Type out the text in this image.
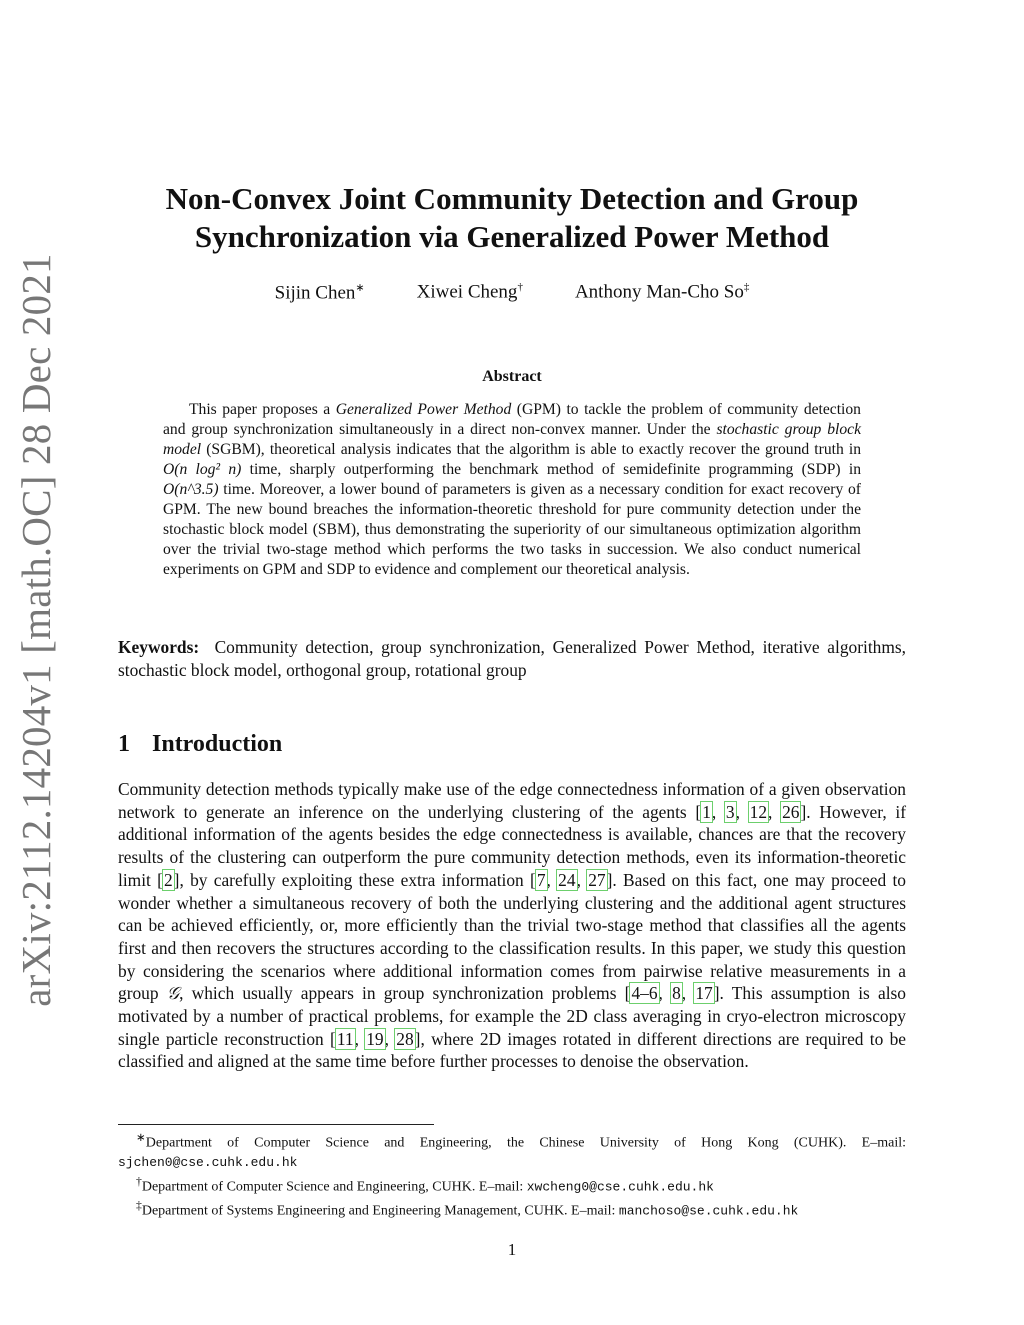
arXiv:2112.14204v1 [math.OC] 28 Dec 2021
Non-Convex Joint Community Detection and Group
Synchronization via Generalized Power Method
Sijin Chen∗	Xiwei Cheng†	Anthony Man-Cho So‡
Abstract
This paper proposes a Generalized Power Method (GPM) to tackle the problem of community detection and group synchronization simultaneously in a direct non-convex manner. Under the stochastic group block model (SGBM), theoretical analysis indicates that the algorithm is able to exactly recover the ground truth in O(n log² n) time, sharply outperforming the benchmark method of semidefinite programming (SDP) in O(n^3.5) time. Moreover, a lower bound of parameters is given as a necessary condition for exact recovery of GPM. The new bound breaches the information-theoretic threshold for pure community detection under the stochastic block model (SBM), thus demonstrating the superiority of our simultaneous optimization algorithm over the trivial two-stage method which performs the two tasks in succession. We also conduct numerical experiments on GPM and SDP to evidence and complement our theoretical analysis.
Keywords: Community detection, group synchronization, Generalized Power Method, iterative algorithms, stochastic block model, orthogonal group, rotational group
1 Introduction
Community detection methods typically make use of the edge connectedness information of a given observation network to generate an inference on the underlying clustering of the agents [1, 3, 12, 26]. However, if additional information of the agents besides the edge connectedness is available, chances are that the recovery results of the clustering can outperform the pure community detection methods, even its information-theoretic limit [2], by carefully exploiting these extra information [7, 24, 27]. Based on this fact, one may proceed to wonder whether a simultaneous recovery of both the underlying clustering and the additional agent structures can be achieved efficiently, or, more efficiently than the trivial two-stage method that classifies all the agents first and then recovers the structures according to the classification results. In this paper, we study this question by considering the scenarios where additional information comes from pairwise relative measurements in a group 𝒢, which usually appears in group synchronization problems [4–6, 8, 17]. This assumption is also motivated by a number of practical problems, for example the 2D class averaging in cryo-electron microscopy single particle reconstruction [11, 19, 28], where 2D images rotated in different directions are required to be classified and aligned at the same time before further processes to denoise the observation.
∗Department of Computer Science and Engineering, the Chinese University of Hong Kong (CUHK). E–mail: sjchen0@cse.cuhk.edu.hk
†Department of Computer Science and Engineering, CUHK. E–mail: xwcheng0@cse.cuhk.edu.hk
‡Department of Systems Engineering and Engineering Management, CUHK. E–mail: manchoso@se.cuhk.edu.hk
1
